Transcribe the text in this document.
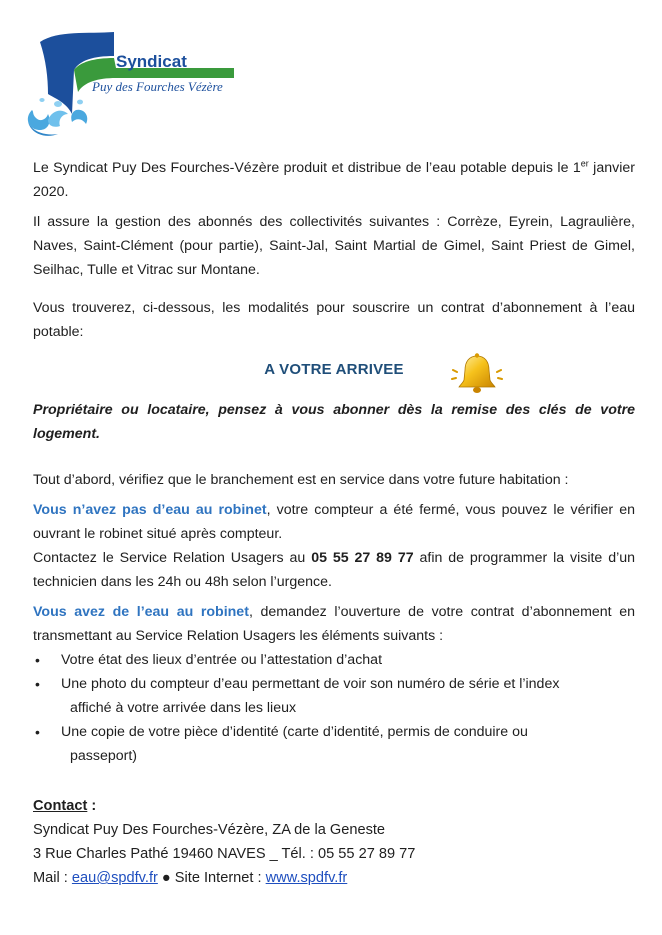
Syndicat
Puy des Fourches Vézère

Le Syndicat Puy Des Fourches-Vézère produit et distribue de l’eau potable depuis le 1er janvier 2020.

Il assure la gestion des abonnés des collectivités suivantes : Corrèze, Eyrein, Lagraulière, Naves, Saint-Clément (pour partie), Saint-Jal, Saint Martial de Gimel, Saint Priest de Gimel, Seilhac, Tulle et Vitrac sur Montane.

Vous trouverez, ci-dessous, les modalités pour souscrire un contrat d’abonnement à l’eau potable:

A VOTRE ARRIVEE

Propriétaire ou locataire, pensez à vous abonner dès la remise des clés de votre logement.

Tout d’abord, vérifiez que le branchement est en service dans votre future habitation :

Vous n’avez pas d’eau au robinet, votre compteur a été fermé, vous pouvez le vérifier en ouvrant le robinet situé après compteur.

Contactez le Service Relation Usagers au 05 55 27 89 77 afin de programmer la visite d’un technicien dans les 24h ou 48h selon l’urgence.

Vous avez de l’eau au robinet, demandez l’ouverture de votre contrat d’abonnement en transmettant au Service Relation Usagers les éléments suivants :

• Votre état des lieux d’entrée ou l’attestation d’achat
• Une photo du compteur d’eau permettant de voir son numéro de série et l’index
affiché à votre arrivée dans les lieux
• Une copie de votre pièce d’identité (carte d’identité, permis de conduire ou
passeport)

Contact :

Syndicat Puy Des Fourches-Vézère, ZA de la Geneste

3 Rue Charles Pathé 19460 NAVES _ Tél. : 05 55 27 89 77

Mail : eau@spdfv.fr ● Site Internet : www.spdfv.fr
